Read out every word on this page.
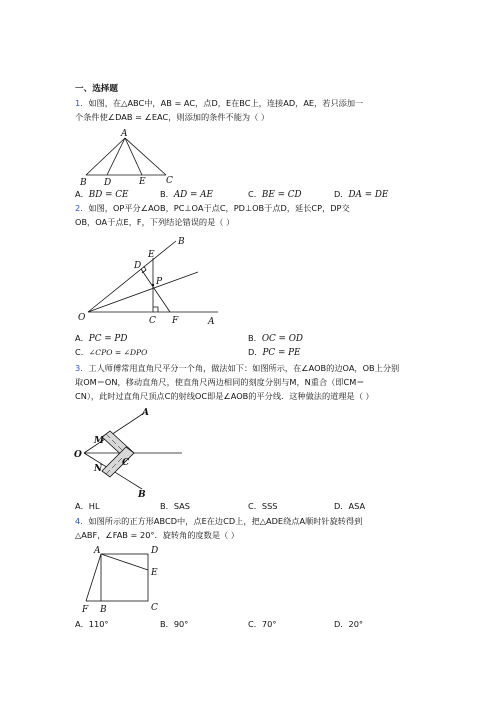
一、选择题
1．如图，在△ABC中，AB = AC，点D，E在BC上，连接AD，AE，若只添加一
个条件使∠DAB = ∠EAC，则添加的条件不能为（ ）
A
B D	E C
A．BD = CE	B．AD = AE	C．BE = CD	D．DA = DE
2．如图，OP平分∠AOB，PC⊥OA于点C，PD⊥OB于点D，延长CP，DP交
OB，OA于点E，F，下列结论错误的是（ ）
O	A
B
C
D
E
F
P
A．PC = PD	B．OC = OD
C．∠CPO = ∠DPO	D．PC = PE
3．工人师傅常用直角尺平分一个角，做法如下：如图所示，在∠AOB的边OA，OB上分别
取OM＝ON，移动直角尺，使直角尺两边相同的刻度分别与M，N重合（即CM＝
CN），此时过直角尺顶点C的射线OC即是∠AOB的平分线．这种做法的道理是（ ）
O
A
B
M
N
C
A．HL	B．SAS	C．SSS	D．ASA
4．如图所示的正方形ABCD中，点E在边CD上，把△ADE绕点A顺时针旋转得到
△ABF，∠FAB = 20°．旋转角的度数是（ ）
A	D
E
F B	C
A．110°	B．90°	C．70°	D．20°
